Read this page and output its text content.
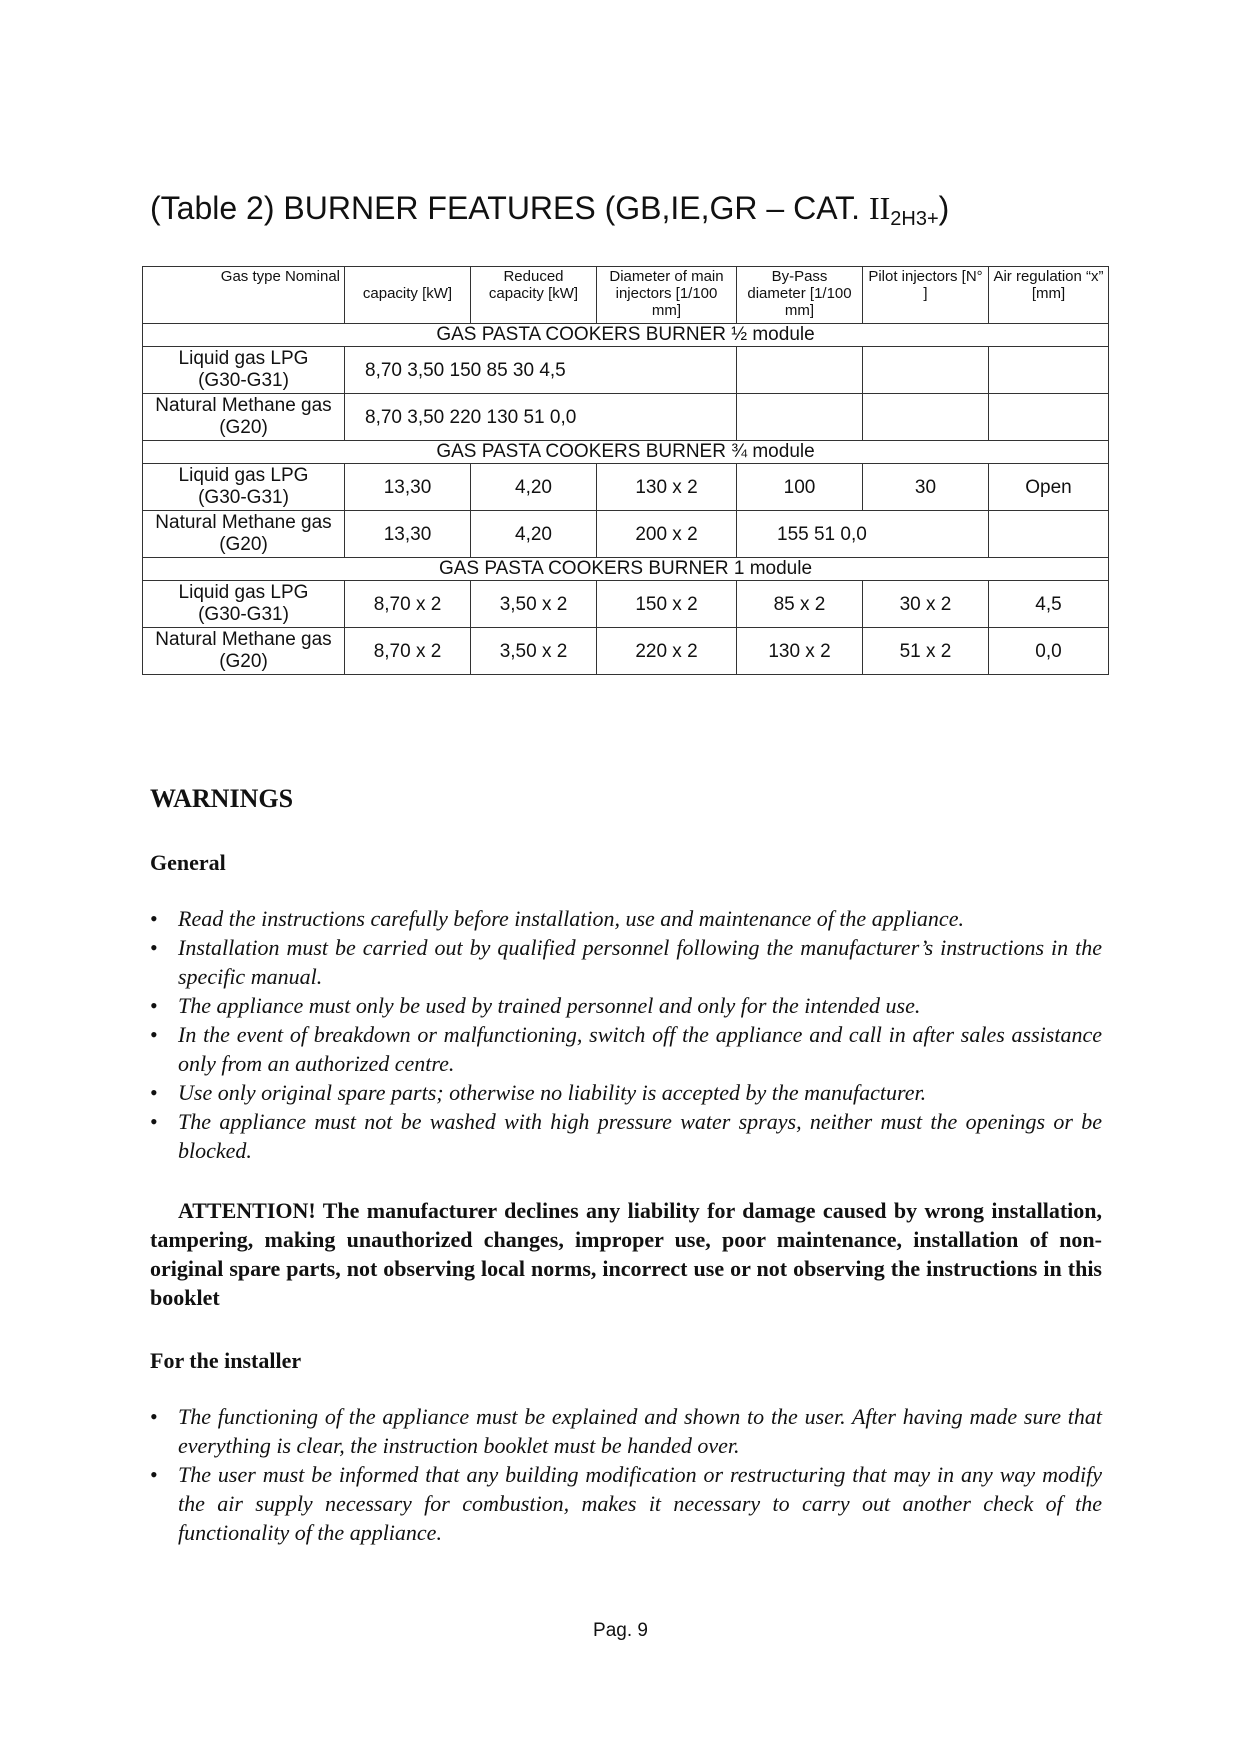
(Table 2) BURNER FEATURES (GB,IE,GR – CAT. $II_{2H3+}$)
Gas type Nominal	capacity [kW]	Reduced capacity [kW]	Diameter of main injectors [1/100 mm]	By-Pass diameter [1/100 mm]	Pilot injectors [N° ]	Air regulation “x” [mm]
GAS PASTA COOKERS BURNER ½ module						

Liquid gas LPG
(G30-G31)	8,70 3,50 150 85 30 4,5					

Natural Methane gas
(G20)	8,70 3,50 220 130 51 0,0					
GAS PASTA COOKERS BURNER ¾ module						

Liquid gas LPG
(G30-G31)	13,30	4,20	130 x 2	100	30	Open

Natural Methane gas
(G20)	13,30	4,20	200 x 2	155 51 0,0		
GAS PASTA COOKERS BURNER 1 module						

Liquid gas LPG
(G30-G31)	8,70 x 2	3,50 x 2	150 x 2	85 x 2	30 x 2	4,5

Natural Methane gas
(G20)	8,70 x 2	3,50 x 2	220 x 2	130 x 2	51 x 2	0,0
WARNINGS
General
• Read the instructions carefully before installation, use and maintenance of the appliance.
• Installation must be carried out by qualified personnel following the manufacturer’s instructions in the specific manual.
• The appliance must only be used by trained personnel and only for the intended use.
• In the event of breakdown or malfunctioning, switch off the appliance and call in after sales assistance only from an authorized centre.
• Use only original spare parts; otherwise no liability is accepted by the manufacturer.
• The appliance must not be washed with high pressure water sprays, neither must the openings or be blocked.
ATTENTION! The manufacturer declines any liability for damage caused by wrong installation, tampering, making unauthorized changes, improper use, poor maintenance, installation of non-original spare parts, not observing local norms, incorrect use or not observing the instructions in this booklet
For the installer
• The functioning of the appliance must be explained and shown to the user. After having made sure that everything is clear, the instruction booklet must be handed over.
• The user must be informed that any building modification or restructuring that may in any way modify the air supply necessary for combustion, makes it necessary to carry out another check of the functionality of the appliance.
Pag. 9
